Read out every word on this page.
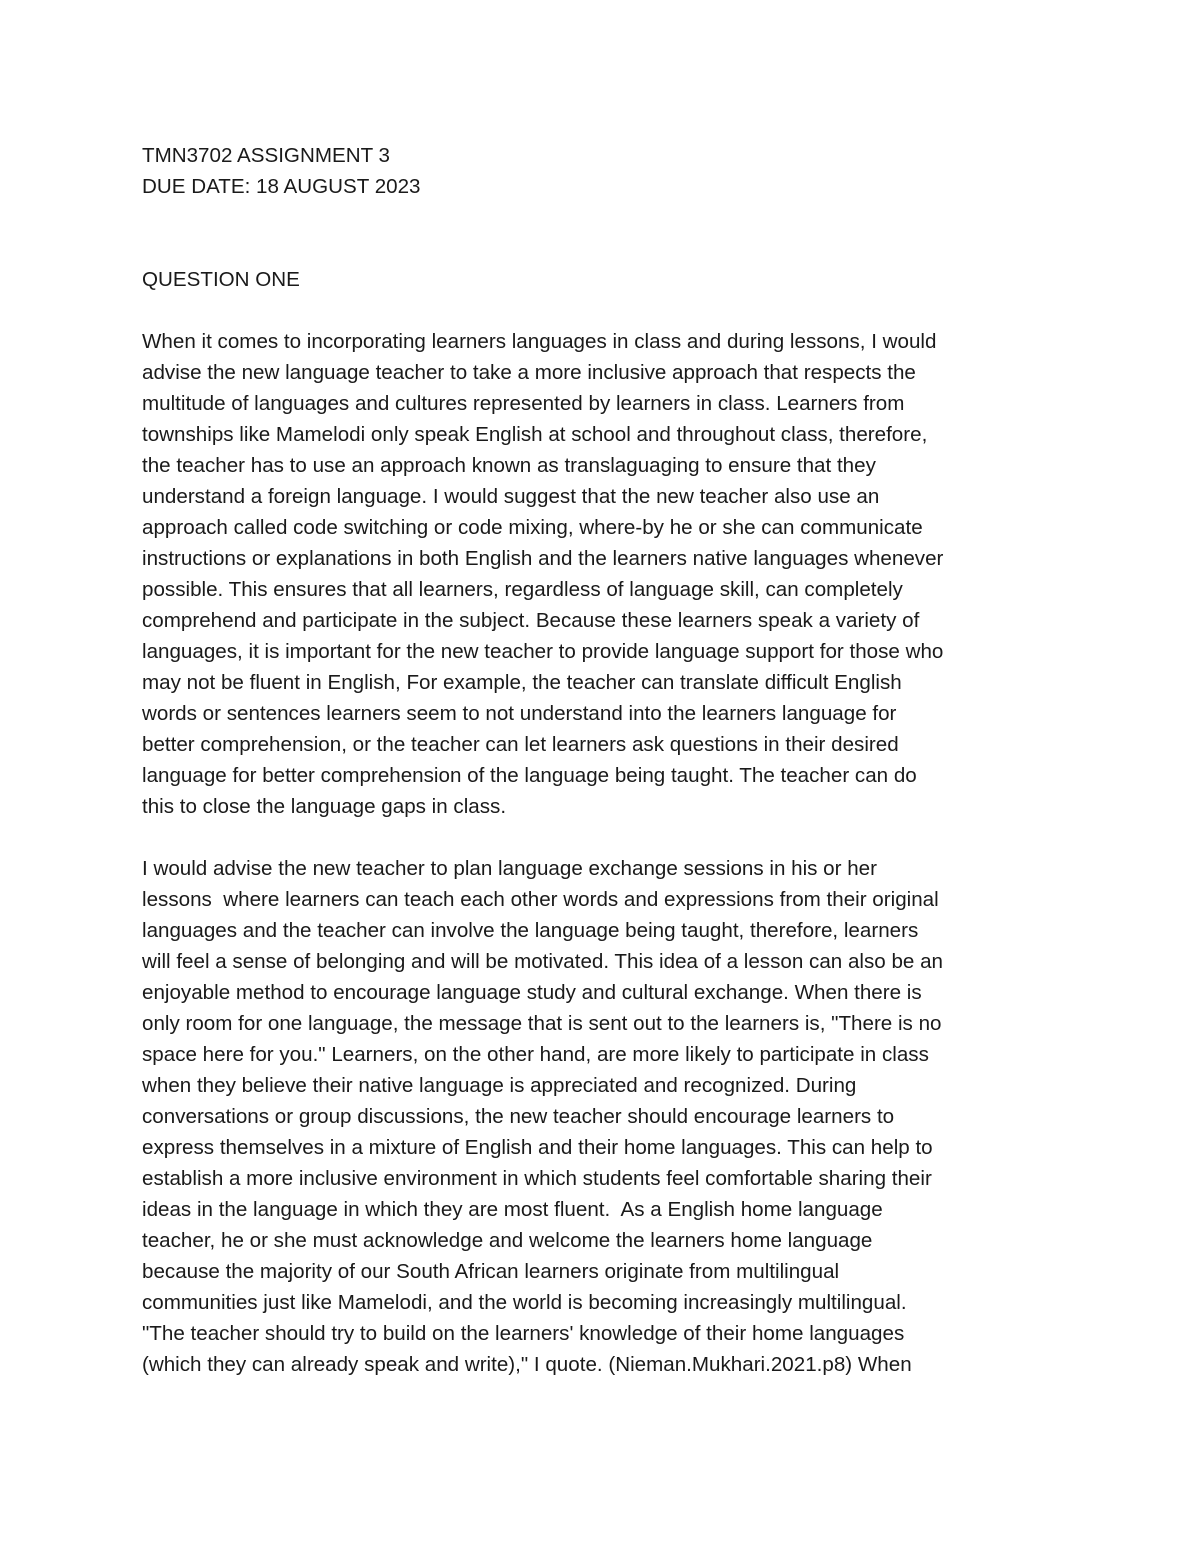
TMN3702 ASSIGNMENT 3
DUE DATE: 18 AUGUST 2023
QUESTION ONE
When it comes to incorporating learners languages in class and during lessons, I would
advise the new language teacher to take a more inclusive approach that respects the
multitude of languages and cultures represented by learners in class. Learners from
townships like Mamelodi only speak English at school and throughout class, therefore,
the teacher has to use an approach known as translaguaging to ensure that they
understand a foreign language. I would suggest that the new teacher also use an
approach called code switching or code mixing, where-by he or she can communicate
instructions or explanations in both English and the learners native languages whenever
possible. This ensures that all learners, regardless of language skill, can completely
comprehend and participate in the subject. Because these learners speak a variety of
languages, it is important for the new teacher to provide language support for those who
may not be fluent in English, For example, the teacher can translate difficult English
words or sentences learners seem to not understand into the learners language for
better comprehension, or the teacher can let learners ask questions in their desired
language for better comprehension of the language being taught. The teacher can do
this to close the language gaps in class.
I would advise the new teacher to plan language exchange sessions in his or her
lessons  where learners can teach each other words and expressions from their original
languages and the teacher can involve the language being taught, therefore, learners
will feel a sense of belonging and will be motivated. This idea of a lesson can also be an
enjoyable method to encourage language study and cultural exchange. When there is
only room for one language, the message that is sent out to the learners is, "There is no
space here for you." Learners, on the other hand, are more likely to participate in class
when they believe their native language is appreciated and recognized. During
conversations or group discussions, the new teacher should encourage learners to
express themselves in a mixture of English and their home languages. This can help to
establish a more inclusive environment in which students feel comfortable sharing their
ideas in the language in which they are most fluent.  As a English home language
teacher, he or she must acknowledge and welcome the learners home language
because the majority of our South African learners originate from multilingual
communities just like Mamelodi, and the world is becoming increasingly multilingual.
"The teacher should try to build on the learners' knowledge of their home languages
(which they can already speak and write)," I quote. (Nieman.Mukhari.2021.p8) When
